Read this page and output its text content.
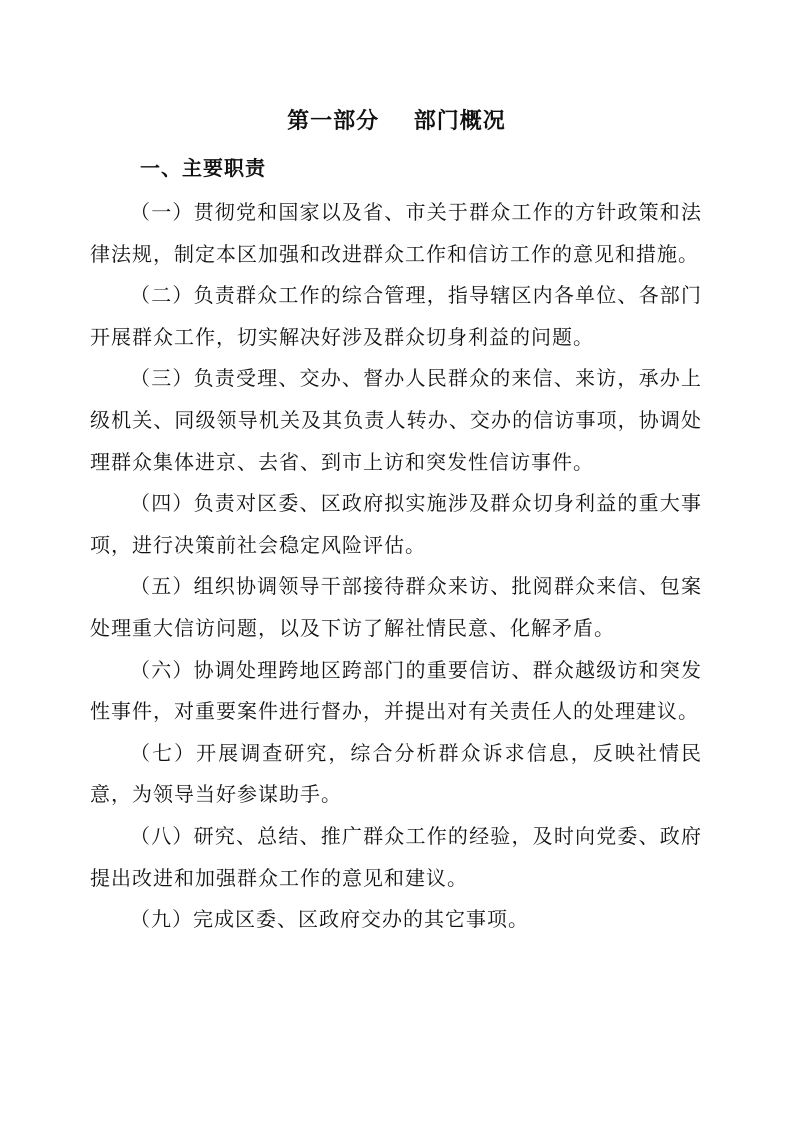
第一部分    部门概况
一、主要职责

（一）贯彻党和国家以及省、市关于群众工作的方针政策和法律法规，制定本区加强和改进群众工作和信访工作的意见和措施。

（二）负责群众工作的综合管理，指导辖区内各单位、各部门开展群众工作，切实解决好涉及群众切身利益的问题。

（三）负责受理、交办、督办人民群众的来信、来访，承办上级机关、同级领导机关及其负责人转办、交办的信访事项，协调处理群众集体进京、去省、到市上访和突发性信访事件。

（四）负责对区委、区政府拟实施涉及群众切身利益的重大事项，进行决策前社会稳定风险评估。

（五）组织协调领导干部接待群众来访、批阅群众来信、包案处理重大信访问题，以及下访了解社情民意、化解矛盾。

（六）协调处理跨地区跨部门的重要信访、群众越级访和突发性事件，对重要案件进行督办，并提出对有关责任人的处理建议。

（七）开展调查研究，综合分析群众诉求信息，反映社情民意，为领导当好参谋助手。

（八）研究、总结、推广群众工作的经验，及时向党委、政府提出改进和加强群众工作的意见和建议。

（九）完成区委、区政府交办的其它事项。
